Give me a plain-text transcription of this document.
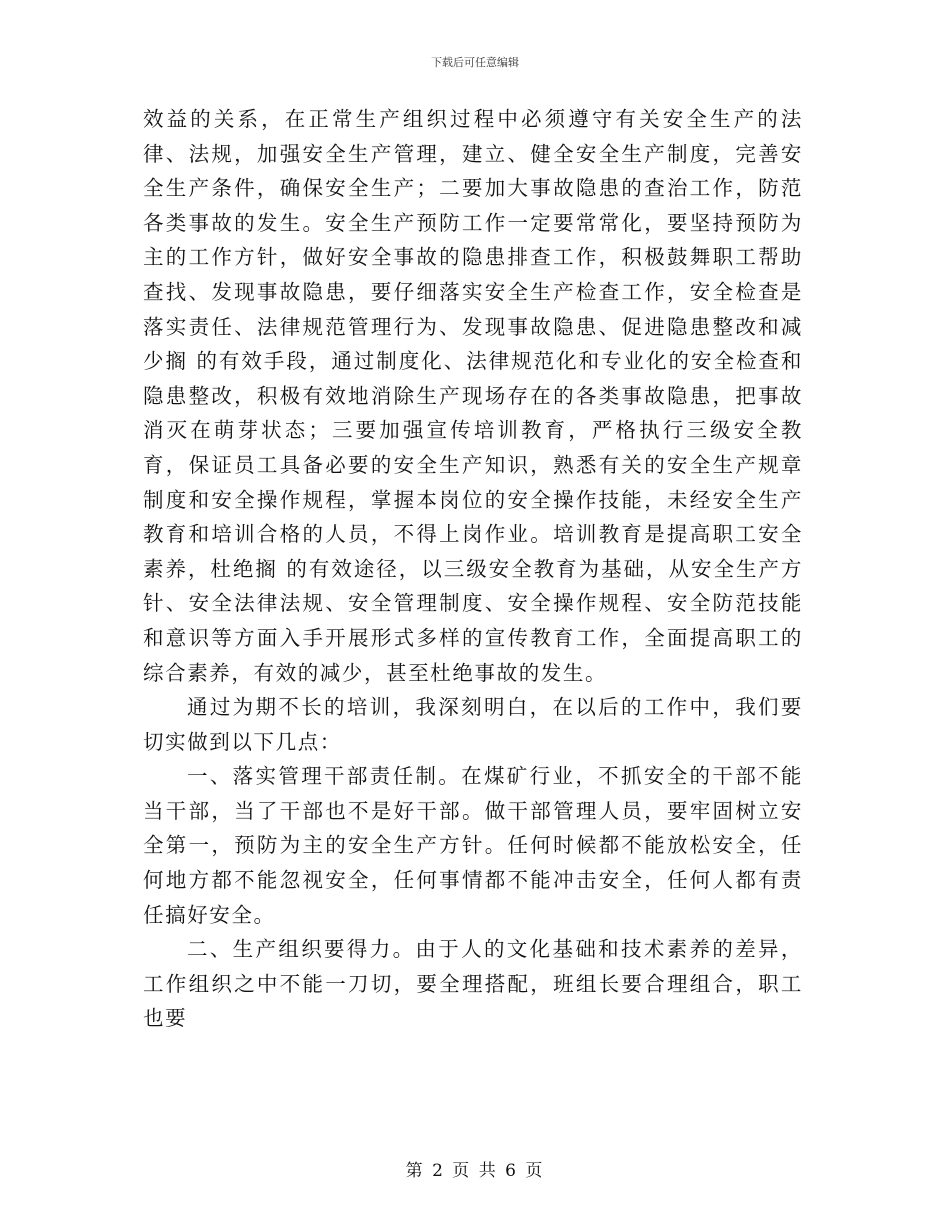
下载后可任意编辑

效益的关系，在正常生产组织过程中必须遵守有关安全生产的法律、法规，加强安全生产管理，建立、健全安全生产制度，完善安全生产条件，确保安全生产；二要加大事故隐患的查治工作，防范各类事故的发生。安全生产预防工作一定要常常化，要坚持预防为主的工作方针，做好安全事故的隐患排查工作，积极鼓舞职工帮助查找、发现事故隐患，要仔细落实安全生产检查工作，安全检查是落实责任、法律规范管理行为、发现事故隐患、促进隐患整改和减少搁 的有效手段，通过制度化、法律规范化和专业化的安全检查和隐患整改，积极有效地消除生产现场存在的各类事故隐患，把事故消灭在萌芽状态；三要加强宣传培训教育，严格执行三级安全教育，保证员工具备必要的安全生产知识，熟悉有关的安全生产规章制度和安全操作规程，掌握本岗位的安全操作技能，未经安全生产教育和培训合格的人员，不得上岗作业。培训教育是提高职工安全素养，杜绝搁 的有效途径，以三级安全教育为基础，从安全生产方针、安全法律法规、安全管理制度、安全操作规程、安全防范技能和意识等方面入手开展形式多样的宣传教育工作，全面提高职工的综合素养，有效的减少，甚至杜绝事故的发生。

通过为期不长的培训，我深刻明白，在以后的工作中，我们要切实做到以下几点：

一、落实管理干部责任制。在煤矿行业，不抓安全的干部不能当干部，当了干部也不是好干部。做干部管理人员，要牢固树立安全第一，预防为主的安全生产方针。任何时候都不能放松安全，任何地方都不能忽视安全，任何事情都不能冲击安全，任何人都有责任搞好安全。

二、生产组织要得力。由于人的文化基础和技术素养的差异，工作组织之中不能一刀切，要全理搭配，班组长要合理组合，职工也要

第 2 页 共 6 页
